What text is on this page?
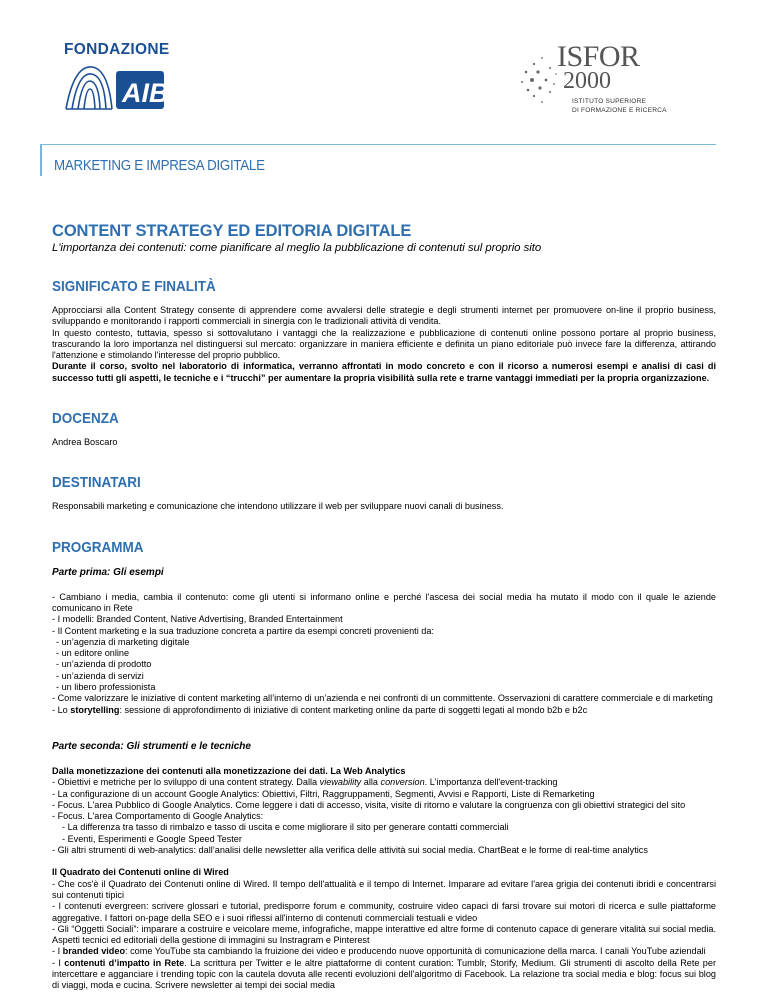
FONDAZIONE
AIB
ISFOR
2000
ISTITUTO SUPERIORE
DI FORMAZIONE E RICERCA
MARKETING E IMPRESA DIGITALE
CONTENT STRATEGY ED EDITORIA DIGITALE
L'importanza dei contenuti: come pianificare al meglio la pubblicazione di contenuti sul proprio sito
SIGNIFICATO E FINALITÀ
Approcciarsi alla Content Strategy consente di apprendere come avvalersi delle strategie e degli strumenti internet per promuovere on-line il proprio business, sviluppando e monitorando i rapporti commerciali in sinergia con le tradizionali attività di vendita.
In questo contesto, tuttavia, spesso si sottovalutano i vantaggi che la realizzazione e pubblicazione di contenuti online possono portare al proprio business, trascurando la loro importanza nel distinguersi sul mercato: organizzare in maniera efficiente e definita un piano editoriale può invece fare la differenza, attirando l'attenzione e stimolando l'interesse del proprio pubblico.
Durante il corso, svolto nel laboratorio di informatica, verranno affrontati in modo concreto e con il ricorso a numerosi esempi e analisi di casi di successo tutti gli aspetti, le tecniche e i “trucchi” per aumentare la propria visibilità sulla rete e trarne vantaggi immediati per la propria organizzazione.
DOCENZA
Andrea Boscaro
DESTINATARI
Responsabili marketing e comunicazione che intendono utilizzare il web per sviluppare nuovi canali di business.
PROGRAMMA
Parte prima: Gli esempi
- Cambiano i media, cambia il contenuto: come gli utenti si informano online e perché l'ascesa dei social media ha mutato il modo con il quale le aziende comunicano in Rete
- I modelli: Branded Content, Native Advertising, Branded Entertainment
- Il Content marketing e la sua traduzione concreta a partire da esempi concreti provenienti da:
- un’agenzia di marketing digitale
- un editore online
- un’azienda di prodotto
- un’azienda di servizi
- un libero professionista
- Come valorizzare le iniziative di content marketing all’interno di un’azienda e nei confronti di un committente. Osservazioni di carattere commerciale e di marketing
- Lo storytelling: sessione di approfondimento di iniziative di content marketing online da parte di soggetti legati al mondo b2b e b2c
Parte seconda: Gli strumenti e le tecniche
Dalla monetizzazione dei contenuti alla monetizzazione dei dati. La Web Analytics
- Obiettivi e metriche per lo sviluppo di una content strategy. Dalla viewability alla conversion. L'importanza dell'event-tracking
- La configurazione di un account Google Analytics: Obiettivi, Filtri, Raggruppamenti, Segmenti, Avvisi e Rapporti, Liste di Remarketing
- Focus. L'area Pubblico di Google Analytics. Come leggere i dati di accesso, visita, visite di ritorno e valutare la congruenza con gli obiettivi strategici del sito
- Focus. L'area Comportamento di Google Analytics:
- La differenza tra tasso di rimbalzo e tasso di uscita e come migliorare il sito per generare contatti commerciali
- Eventi, Esperimenti e Google Speed Tester
- Gli altri strumenti di web-analytics: dall’analisi delle newsletter alla verifica delle attività sui social media. ChartBeat e le forme di real-time analytics
Il Quadrato dei Contenuti online di Wired
- Che cos'è il Quadrato dei Contenuti online di Wired. Il tempo dell'attualità e il tempo di Internet. Imparare ad evitare l'area grigia dei contenuti ibridi e concentrarsi sui contenuti tipici
- I contenuti evergreen: scrivere glossari e tutorial, predisporre forum e community, costruire video capaci di farsi trovare sui motori di ricerca e sulle piattaforme aggregative. I fattori on-page della SEO e i suoi riflessi all'interno di contenuti commerciali testuali e video
- Gli “Oggetti Sociali”: imparare a costruire e veicolare meme, infografiche, mappe interattive ed altre forme di contenuto capace di generare vitalità sui social media. Aspetti tecnici ed editoriali della gestione di immagini su Instragram e Pinterest
- I branded video: come YouTube sta cambiando la fruizione dei video e producendo nuove opportunità di comunicazione della marca. I canali YouTube aziendali
- I contenuti d’impatto in Rete. La scrittura per Twitter e le altre piattaforme di content curation: Tumblr, Storify, Medium. Gli strumenti di ascolto della Rete per intercettare e agganciare i trending topic con la cautela dovuta alle recenti evoluzioni dell'algoritmo di Facebook. La relazione tra social media e blog: focus sui blog di viaggi, moda e cucina. Scrivere newsletter ai tempi dei social media
